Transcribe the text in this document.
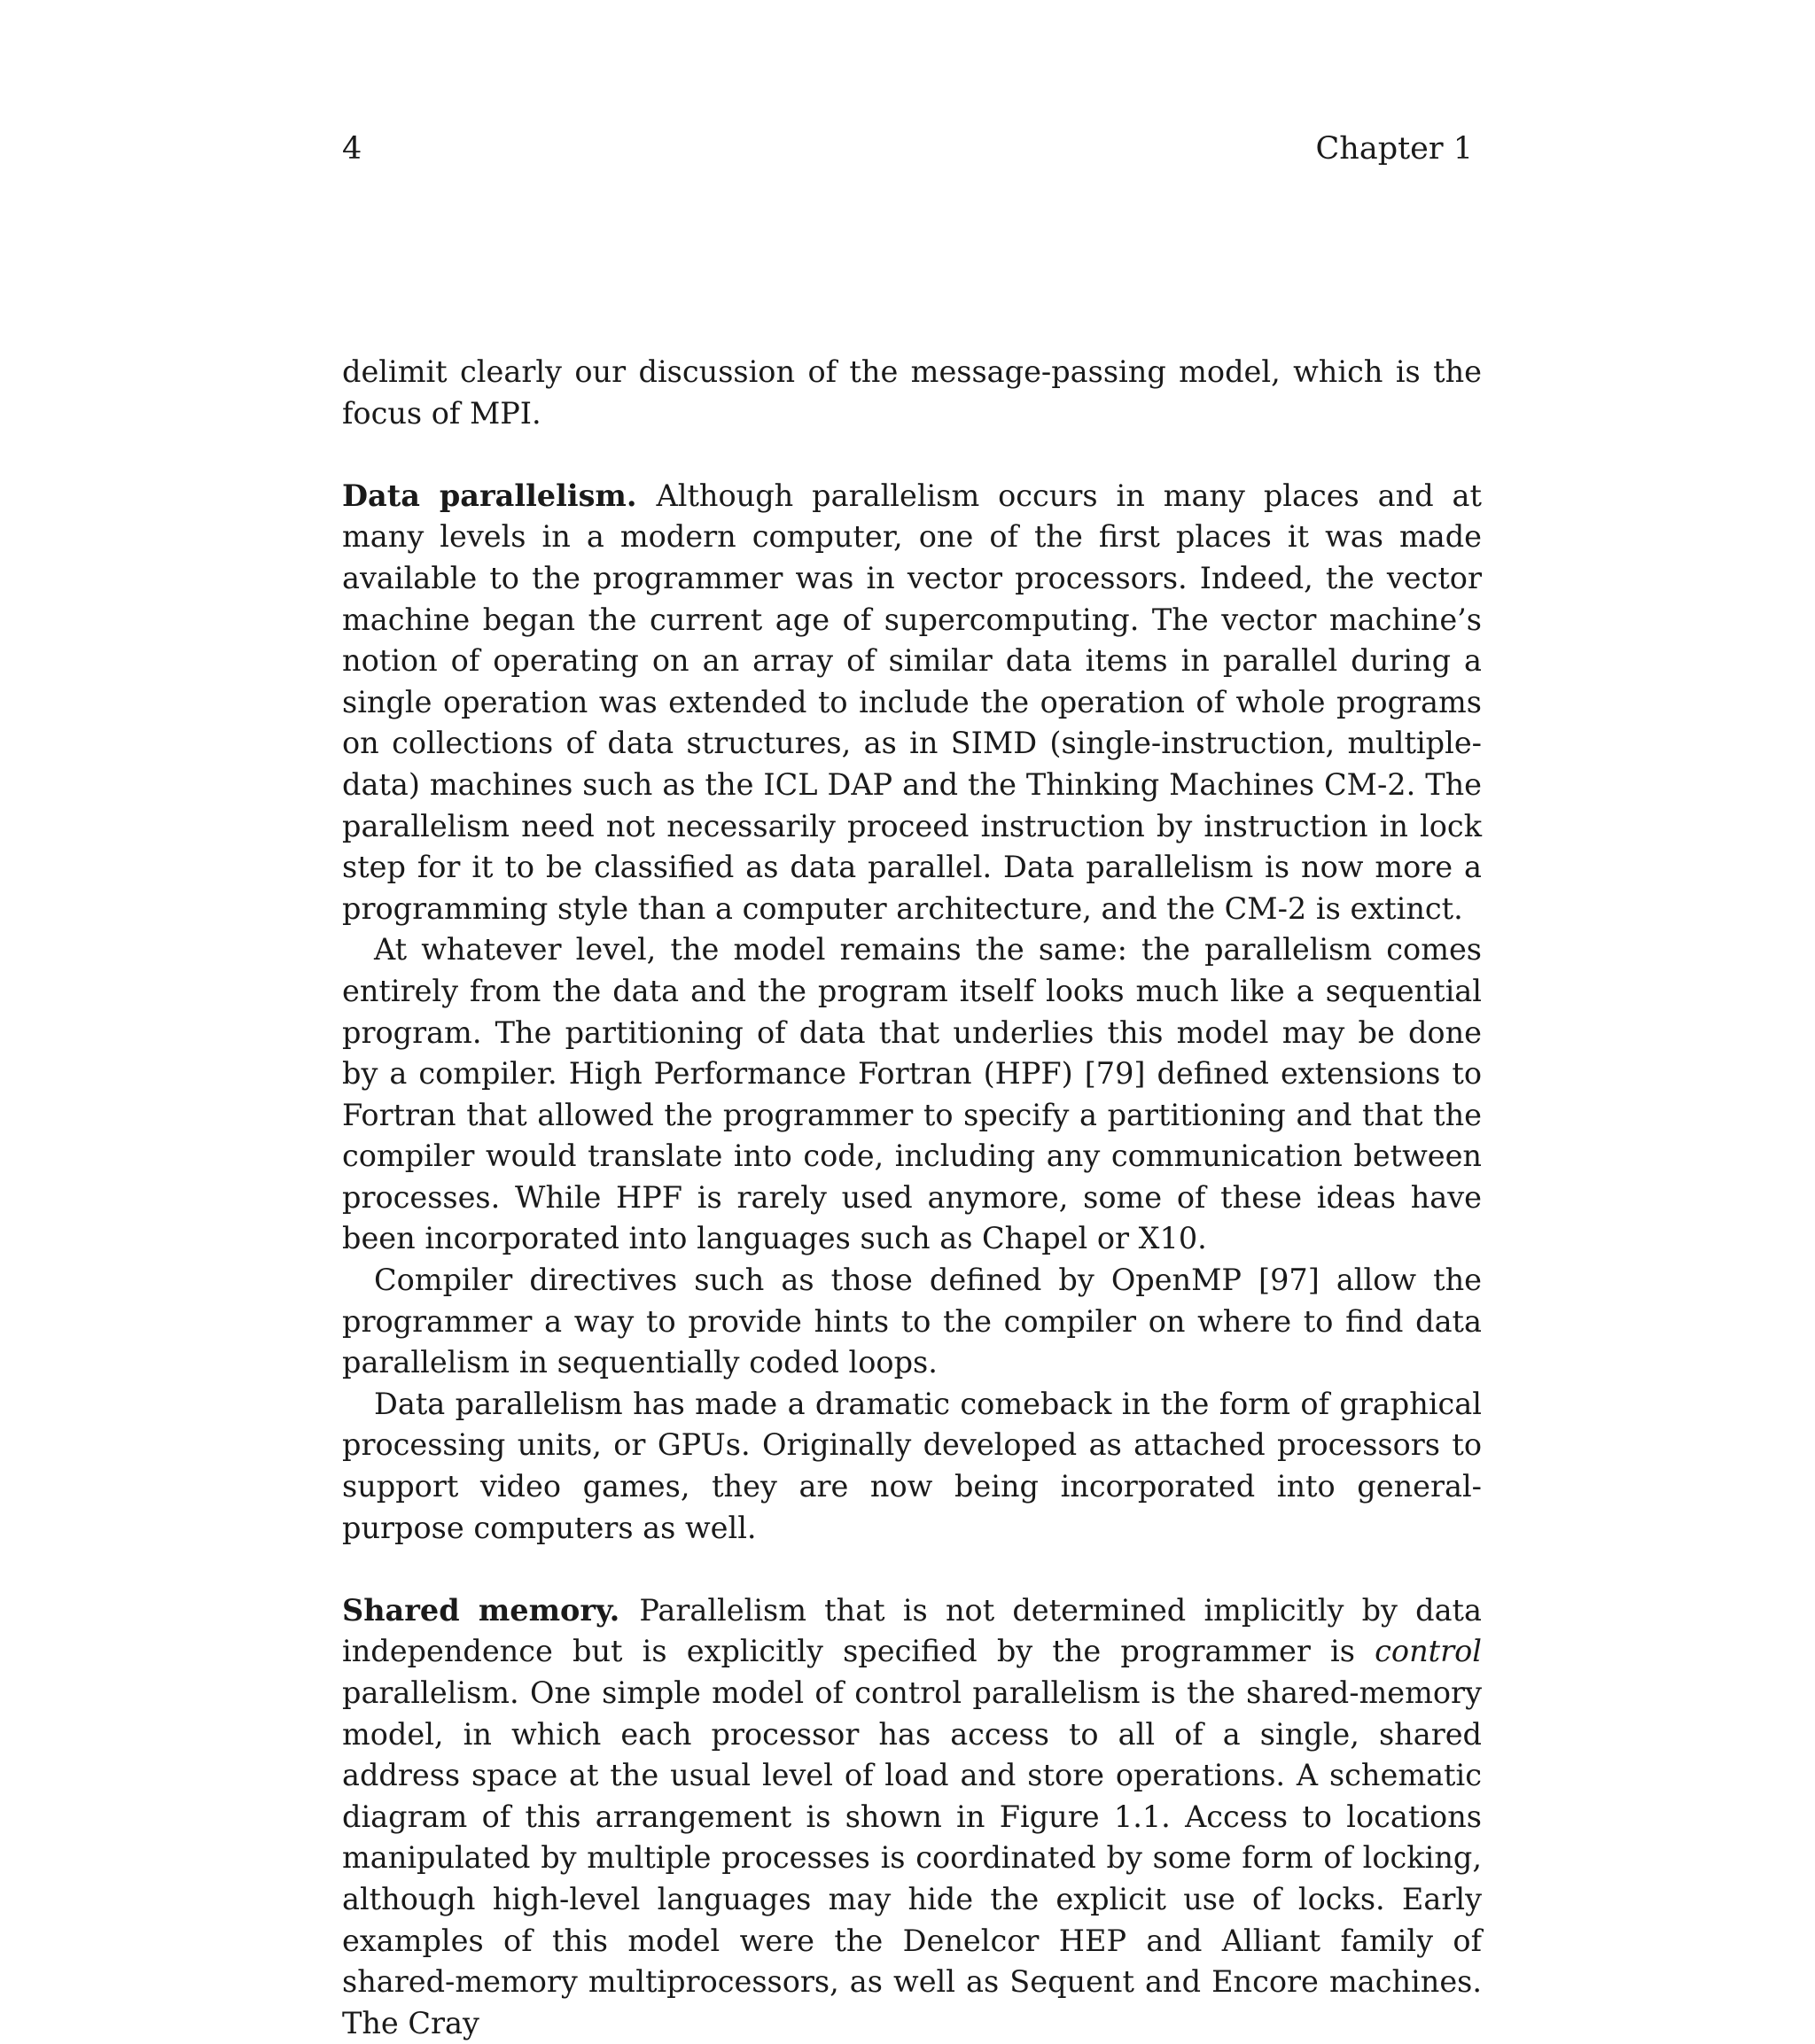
4	Chapter 1

delimit clearly our discussion of the message-passing model, which is the focus of MPI.

Data parallelism. Although parallelism occurs in many places and at many levels in a modern computer, one of the first places it was made available to the programmer was in vector processors. Indeed, the vector machine began the current age of supercomputing. The vector machine’s notion of operating on an array of similar data items in parallel during a single operation was extended to include the operation of whole programs on collections of data structures, as in SIMD (single-instruction, multiple-data) machines such as the ICL DAP and the Thinking Machines CM-2. The parallelism need not necessarily proceed instruction by instruction in lock step for it to be classified as data parallel. Data parallelism is now more a programming style than a computer architecture, and the CM-2 is extinct.

At whatever level, the model remains the same: the parallelism comes entirely from the data and the program itself looks much like a sequential program. The partitioning of data that underlies this model may be done by a compiler. High Performance Fortran (HPF) [79] defined extensions to Fortran that allowed the programmer to specify a partitioning and that the compiler would translate into code, including any communication between processes. While HPF is rarely used anymore, some of these ideas have been incorporated into languages such as Chapel or X10.

Compiler directives such as those defined by OpenMP [97] allow the programmer a way to provide hints to the compiler on where to find data parallelism in sequentially coded loops.

Data parallelism has made a dramatic comeback in the form of graphical processing units, or GPUs. Originally developed as attached processors to support video games, they are now being incorporated into general-purpose computers as well.

Shared memory. Parallelism that is not determined implicitly by data independence but is explicitly specified by the programmer is control parallelism. One simple model of control parallelism is the shared-memory model, in which each processor has access to all of a single, shared address space at the usual level of load and store operations. A schematic diagram of this arrangement is shown in Figure 1.1. Access to locations manipulated by multiple processes is coordinated by some form of locking, although high-level languages may hide the explicit use of locks. Early examples of this model were the Denelcor HEP and Alliant family of shared-memory multiprocessors, as well as Sequent and Encore machines. The Cray
